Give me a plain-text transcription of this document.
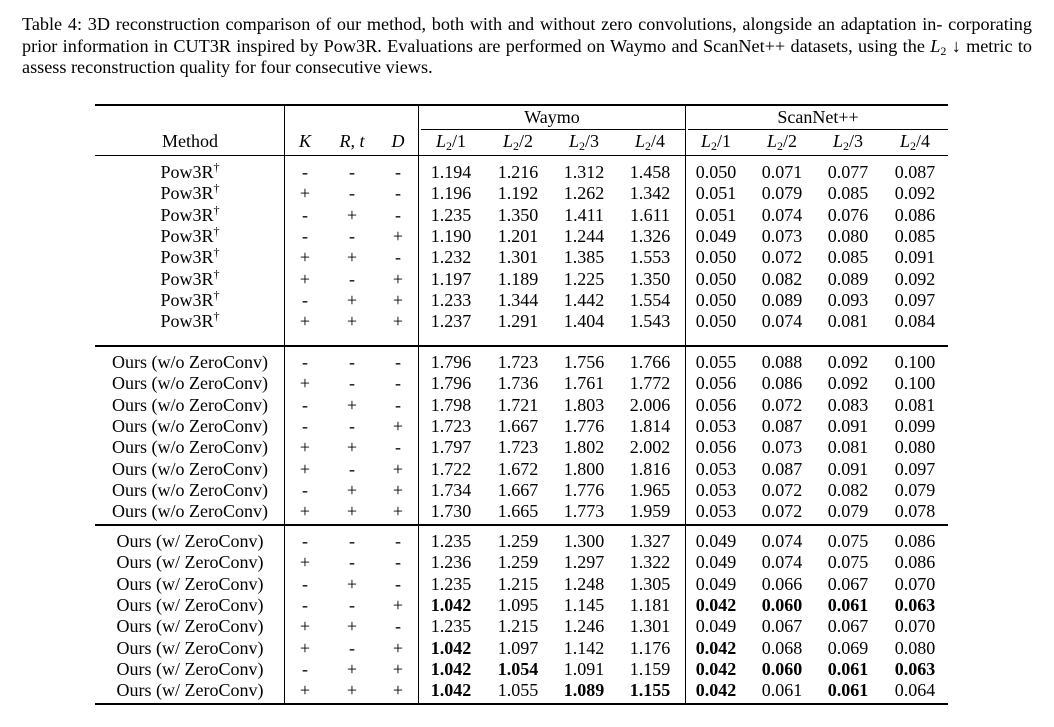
Table 4: 3D reconstruction comparison of our method, both with and without zero convolutions, alongside an adaptation in- corporating prior information in CUT3R inspired by Pow3R. Evaluations are performed on Waymo and ScanNet++ datasets, using the $L_2$ ↓ metric to assess reconstruction quality for four consecutive views.
Waymo	ScanNet++
Method	K R, t D $L_2/1$ $L_2/2$ $L_2/3$ $L_2/4$ $L_2/1$ $L_2/2$ $L_2/3$ $L_2/4$
Pow3R†	- - - 1.194 1.216 1.312 1.458 0.050 0.071 0.077 0.087
Pow3R†	+ - - 1.196 1.192 1.262 1.342 0.051 0.079 0.085 0.092
Pow3R†	- + - 1.235 1.350 1.411 1.611 0.051 0.074 0.076 0.086
Pow3R†	- - + 1.190 1.201 1.244 1.326 0.049 0.073 0.080 0.085
Pow3R†	+ + - 1.232 1.301 1.385 1.553 0.050 0.072 0.085 0.091
Pow3R†	+ - + 1.197 1.189 1.225 1.350 0.050 0.082 0.089 0.092
Pow3R†	- + + 1.233 1.344 1.442 1.554 0.050 0.089 0.093 0.097
Pow3R†	+ + + 1.237 1.291 1.404 1.543 0.050 0.074 0.081 0.084
Ours (w/o ZeroConv) - - - 1.796 1.723 1.756 1.766 0.055 0.088 0.092 0.100
Ours (w/o ZeroConv) + - - 1.796 1.736 1.761 1.772 0.056 0.086 0.092 0.100
Ours (w/o ZeroConv) - + - 1.798 1.721 1.803 2.006 0.056 0.072 0.083 0.081
Ours (w/o ZeroConv) - - + 1.723 1.667 1.776 1.814 0.053 0.087 0.091 0.099
Ours (w/o ZeroConv) + + - 1.797 1.723 1.802 2.002 0.056 0.073 0.081 0.080
Ours (w/o ZeroConv) + - + 1.722 1.672 1.800 1.816 0.053 0.087 0.091 0.097
Ours (w/o ZeroConv) - + + 1.734 1.667 1.776 1.965 0.053 0.072 0.082 0.079
Ours (w/o ZeroConv) + + + 1.730 1.665 1.773 1.959 0.053 0.072 0.079 0.078
Ours (w/ ZeroConv) - - - 1.235 1.259 1.300 1.327 0.049 0.074 0.075 0.086
Ours (w/ ZeroConv) + - - 1.236 1.259 1.297 1.322 0.049 0.074 0.075 0.086
Ours (w/ ZeroConv) - + - 1.235 1.215 1.248 1.305 0.049 0.066 0.067 0.070
Ours (w/ ZeroConv) - - + 1.042 1.095 1.145 1.181 0.042 0.060 0.061 0.063
Ours (w/ ZeroConv) + + - 1.235 1.215 1.246 1.301 0.049 0.067 0.067 0.070
Ours (w/ ZeroConv) + - + 1.042 1.097 1.142 1.176 0.042 0.068 0.069 0.080
Ours (w/ ZeroConv) - + + 1.042 1.054 1.091 1.159 0.042 0.060 0.061 0.063
Ours (w/ ZeroConv) + + + 1.042 1.055 1.089 1.155 0.042 0.061 0.061 0.064
